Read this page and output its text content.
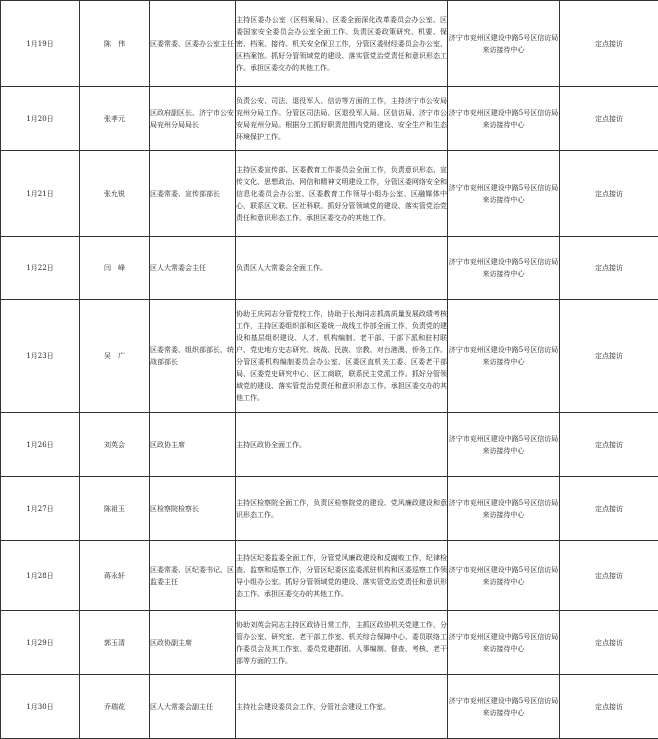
1月19日	陈　伟	区委常委、区委办公室主任	主持区委办公室（区档案局）、区委全面深化改革委员会办公室、区委国家安全委员会办公室全面工作。负责区委政策研究、机要、保密、档案、接待、机关安全保卫工作，分管区委财经委员会办公室、区档案馆。抓好分管领域党的建设、落实管党治党责任和意识形态工作。承担区委交办的其他工作。	济宁市兖州区建设中路5号区信访局来访接待中心	定点接访
1月20日	张孝元	区政府副区长、济宁市公安局兖州分局局长	负责公安、司法、退役军人、信访等方面的工作，主持济宁市公安局兖州分局工作。分管区司法局、区退役军人局、区信访局、济宁市公安局兖州分局。根据分工抓好职责范围内党的建设、安全生产和生态环境保护工作。	济宁市兖州区建设中路5号区信访局来访接待中心	定点接访
1月21日	张允锐	区委常委、宣传部部长	主持区委宣传部、区委教育工作委员会全面工作，负责意识形态、宣传文化、思想政治、网信和精神文明建设工作，分管区委网络安全和信息化委员会办公室、区委教育工作领导小组办公室、区融媒体中心，联系区文联、区社科联。抓好分管领域党的建设、落实管党治党责任和意识形态工作。承担区委交办的其他工作。	济宁市兖州区建设中路5号区信访局来访接待中心	定点接访
1月22日	闫　峰	区人大常委会主任	负责区人大常委会全面工作。	济宁市兖州区建设中路5号区信访局来访接待中心	定点接访
1月23日	吴　广	区委常委、组织部部长、统战部部长	协助王庆同志分管党校工作，协助于长海同志抓高质量发展政绩考核工作，主持区委组织部和区委统一战线工作部全面工作，负责党的建设和基层组织建设、人才、机构编制、老干部、干部下派和驻村联户、党史地方史志研究、统战、民族、宗教、对台港澳、侨务工作。分管区委机构编制委员会办公室、区委区直机关工委、区委老干部局、区委党史研究中心、区工商联，联系民主党派工作。抓好分管领域党的建设、落实管党治党责任和意识形态工作。承担区委交办的其他工作。	济宁市兖州区建设中路5号区信访局来访接待中心	定点接访
1月26日	刘英会	区政协主席	主持区政协全面工作。	济宁市兖州区建设中路5号区信访局来访接待中心	定点接访
1月27日	陈祖玉	区检察院检察长	主持区检察院全面工作，负责区检察院党的建设、党风廉政建设和意识形态工作。	济宁市兖州区建设中路5号区信访局来访接待中心	定点接访
1月28日	蒋永轩	区委常委、区纪委书记、区监委主任	主持区纪委监委全面工作，分管党风廉政建设和反腐败工作，纪律检查、监察和巡察工作，分管区纪委区监委派驻机构和区委巡察工作领导小组办公室。抓好分管领域党的建设、落实管党治党责任和意识形态工作。承担区委交办的其他工作。	济宁市兖州区建设中路5号区信访局来访接待中心	定点接访
1月29日	郭玉清	区政协副主席	协助刘英会同志主持区政协日常工作，主抓区政协机关党建工作，分管办公室、研究室、老干部工作室、机关综合保障中心、委员联络工作委员会及其工作室、委员党建群团、人事编制、督查、考核、老干部等方面的工作。	济宁市兖州区建设中路5号区信访局来访接待中心	定点接访
1月30日	乔瑞花	区人大常委会副主任	主持社会建设委员会工作，分管社会建设工作室。	济宁市兖州区建设中路5号区信访局来访接待中心	定点接访
